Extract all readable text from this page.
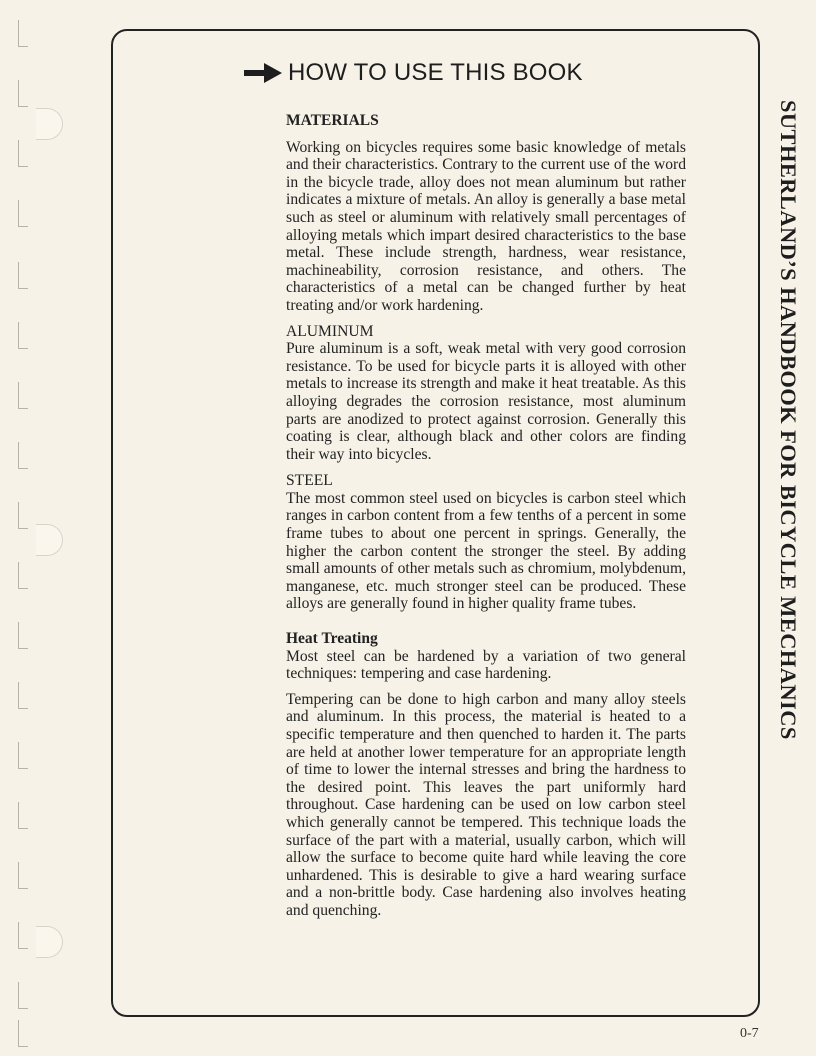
HOW TO USE THIS BOOK
MATERIALS

Working on bicycles requires some basic knowledge of metals and their characteristics. Contrary to the current use of the word in the bicycle trade, alloy does not mean aluminum but rather indicates a mixture of metals. An alloy is generally a base metal such as steel or aluminum with relatively small percentages of alloying metals which impart desired characteristics to the base metal. These include strength, hardness, wear resistance, machineability, corrosion resistance, and others. The characteristics of a metal can be changed further by heat treating and/or work hardening.

ALUMINUM

Pure aluminum is a soft, weak metal with very good corrosion resistance. To be used for bicycle parts it is alloyed with other metals to increase its strength and make it heat treatable. As this alloying degrades the corrosion resistance, most aluminum parts are anodized to protect against corrosion. Generally this coating is clear, although black and other colors are finding their way into bicycles.

STEEL

The most common steel used on bicycles is carbon steel which ranges in carbon content from a few tenths of a percent in some frame tubes to about one percent in springs. Generally, the higher the carbon content the stronger the steel. By adding small amounts of other metals such as chromium, molybdenum, manganese, etc. much stronger steel can be produced. These alloys are generally found in higher quality frame tubes.

Heat Treating

Most steel can be hardened by a variation of two general techniques: tempering and case hardening.

Tempering can be done to high carbon and many alloy steels and aluminum. In this process, the material is heated to a specific temperature and then quenched to harden it. The parts are held at another lower temperature for an appropriate length of time to lower the internal stresses and bring the hardness to the desired point. This leaves the part uniformly hard throughout. Case hardening can be used on low carbon steel which generally cannot be tempered. This technique loads the surface of the part with a material, usually carbon, which will allow the surface to become quite hard while leaving the core unhardened. This is desirable to give a hard wearing surface and a non-brittle body. Case hardening also involves heating and quenching.

SUTHERLAND’S HANDBOOK FOR BICYCLE MECHANICS
0-7
